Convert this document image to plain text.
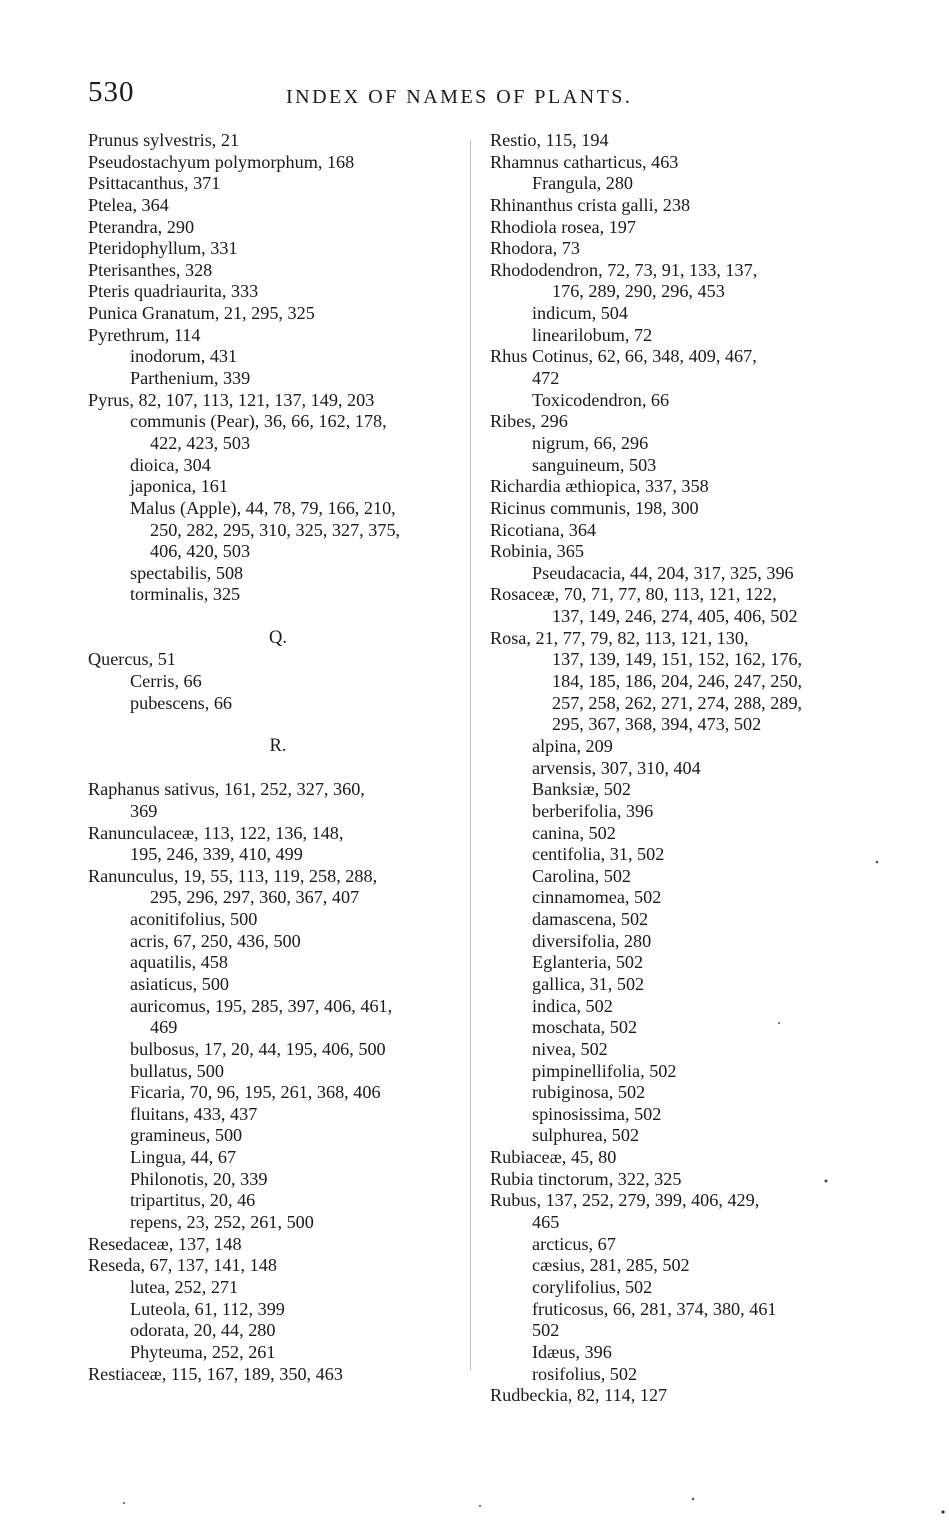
530	INDEX OF NAMES OF PLANTS.
Prunus sylvestris, 21
Pseudostachyum polymorphum, 168
Psittacanthus, 371
Ptelea, 364
Pterandra, 290
Pteridophyllum, 331
Pterisanthes, 328
Pteris quadriaurita, 333
Punica Granatum, 21, 295, 325
Pyrethrum, 114
inodorum, 431
Parthenium, 339
Pyrus, 82, 107, 113, 121, 137, 149, 203
communis (Pear), 36, 66, 162, 178,
422, 423, 503
dioica, 304
japonica, 161
Malus (Apple), 44, 78, 79, 166, 210,
250, 282, 295, 310, 325, 327, 375,
406, 420, 503
spectabilis, 508
torminalis, 325
Q.
Quercus, 51
Cerris, 66
pubescens, 66
R.
Raphanus sativus, 161, 252, 327, 360,
369
Ranunculaceæ, 113, 122, 136, 148,
195, 246, 339, 410, 499
Ranunculus, 19, 55, 113, 119, 258, 288,
295, 296, 297, 360, 367, 407
aconitifolius, 500
acris, 67, 250, 436, 500
aquatilis, 458
asiaticus, 500
auricomus, 195, 285, 397, 406, 461,
469
bulbosus, 17, 20, 44, 195, 406, 500
bullatus, 500
Ficaria, 70, 96, 195, 261, 368, 406
fluitans, 433, 437
gramineus, 500
Lingua, 44, 67
Philonotis, 20, 339
tripartitus, 20, 46
repens, 23, 252, 261, 500
Resedaceæ, 137, 148
Reseda, 67, 137, 141, 148
lutea, 252, 271
Luteola, 61, 112, 399
odorata, 20, 44, 280
Phyteuma, 252, 261
Restiaceæ, 115, 167, 189, 350, 463
Restio, 115, 194
Rhamnus catharticus, 463
Frangula, 280
Rhinanthus crista galli, 238
Rhodiola rosea, 197
Rhodora, 73
Rhododendron, 72, 73, 91, 133, 137,
176, 289, 290, 296, 453
indicum, 504
linearilobum, 72
Rhus Cotinus, 62, 66, 348, 409, 467,
472
Toxicodendron, 66
Ribes, 296
nigrum, 66, 296
sanguineum, 503
Richardia æthiopica, 337, 358
Ricinus communis, 198, 300
Ricotiana, 364
Robinia, 365
Pseudacacia, 44, 204, 317, 325, 396
Rosaceæ, 70, 71, 77, 80, 113, 121, 122,
137, 149, 246, 274, 405, 406, 502
Rosa, 21, 77, 79, 82, 113, 121, 130,
137, 139, 149, 151, 152, 162, 176,
184, 185, 186, 204, 246, 247, 250,
257, 258, 262, 271, 274, 288, 289,
295, 367, 368, 394, 473, 502
alpina, 209
arvensis, 307, 310, 404
Banksiæ, 502
berberifolia, 396
canina, 502
centifolia, 31, 502
Carolina, 502
cinnamomea, 502
damascena, 502
diversifolia, 280
Eglanteria, 502
gallica, 31, 502
indica, 502
moschata, 502
nivea, 502
pimpinellifolia, 502
rubiginosa, 502
spinosissima, 502
sulphurea, 502
Rubiaceæ, 45, 80
Rubia tinctorum, 322, 325
Rubus, 137, 252, 279, 399, 406, 429,
465
arcticus, 67
cæsius, 281, 285, 502
corylifolius, 502
fruticosus, 66, 281, 374, 380, 461
502
Idæus, 396
rosifolius, 502
Rudbeckia, 82, 114, 127
